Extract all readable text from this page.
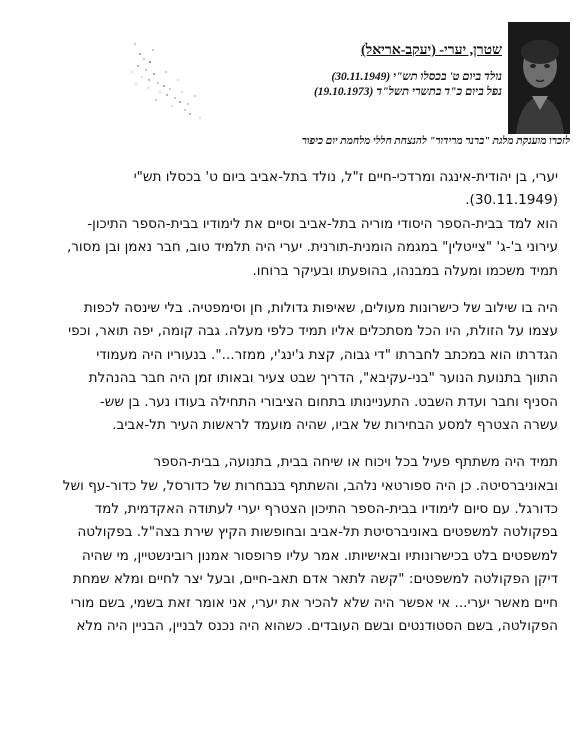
שטרן, יערי- (יעקב-אריאל)
נולד ביום ט' בכסלו תש"י (30.11.1949)
נפל ביום כ"ד בתשרי תשל"ד (19.10.1973)
לזכרו מוענקת מלגת "ברנר מרידור" להנצחת חללי מלחמת יום כיפור
יערי, בן יהודית-אינגה ומרדכי-חיים ז"ל, נולד בתל-אביב ביום ט' בכסלו תש"י
(30.11.1949).
הוא למד בבית-הספר היסודי מוריה בתל-אביב וסיים את לימודיו בבית-הספר התיכון-
עירוני ב'-ג' "צייטלין" במגמה הומנית-תורנית. יערי היה תלמיד טוב, חבר נאמן ובן מסור,
תמיד משכמו ומעלה במבנהו, בהופעתו ובעיקר ברוחו.
היה בו שילוב של כישרונות מעולים, שאיפות גדולות, חן וסימפטיה. בלי שינסה לכפות
עצמו על הזולת, היו הכל מסתכלים אליו תמיד כלפי מעלה. גבה קומה, יפה תואר, וכפי
הגדרתו הוא במכתב לחברתו "די גבוה, קצת ג'ינג'י, ממזר...". בנעוריו היה מעמודי
התווך בתנועת הנוער "בני-עקיבא", הדריך שבט צעיר ובאותו זמן היה חבר בהנהלת
הסניף וחבר ועדת השבט. התעניינותו בתחום הציבורי התחילה בעודו נער. בן שש-
עשרה הצטרף למסע הבחירות של אביו, שהיה מועמד לראשות העיר תל-אביב.
תמיד היה משתתף פעיל בכל ויכוח או שיחה בבית, בתנועה, בבית-הספר
ובאוניברסיטה. כן היה ספורטאי נלהב, והשתתף בנבחרות של כדורסל, של כדור-עף ושל
כדורגל. עם סיום לימודיו בבית-הספר התיכון הצטרף יערי לעתודה האקדמית, למד
בפקולטה למשפטים באוניברסיטת תל-אביב ובחופשות הקיץ שירת בצה"ל. בפקולטה
למשפטים בלט בכישרונותיו ובאישיותו. אמר עליו פרופסור אמנון רובינשטיין, מי שהיה
דיקן הפקולטה למשפטים: "קשה לתאר אדם תאב-חיים, ובעל יצר לחיים ומלא שמחת
חיים מאשר יערי... אי אפשר היה שלא להכיר את יערי, אני אומר זאת בשמי, בשם מורי
הפקולטה, בשם הסטודנטים ובשם העובדים. כשהוא היה נכנס לבניין, הבניין היה מלא
